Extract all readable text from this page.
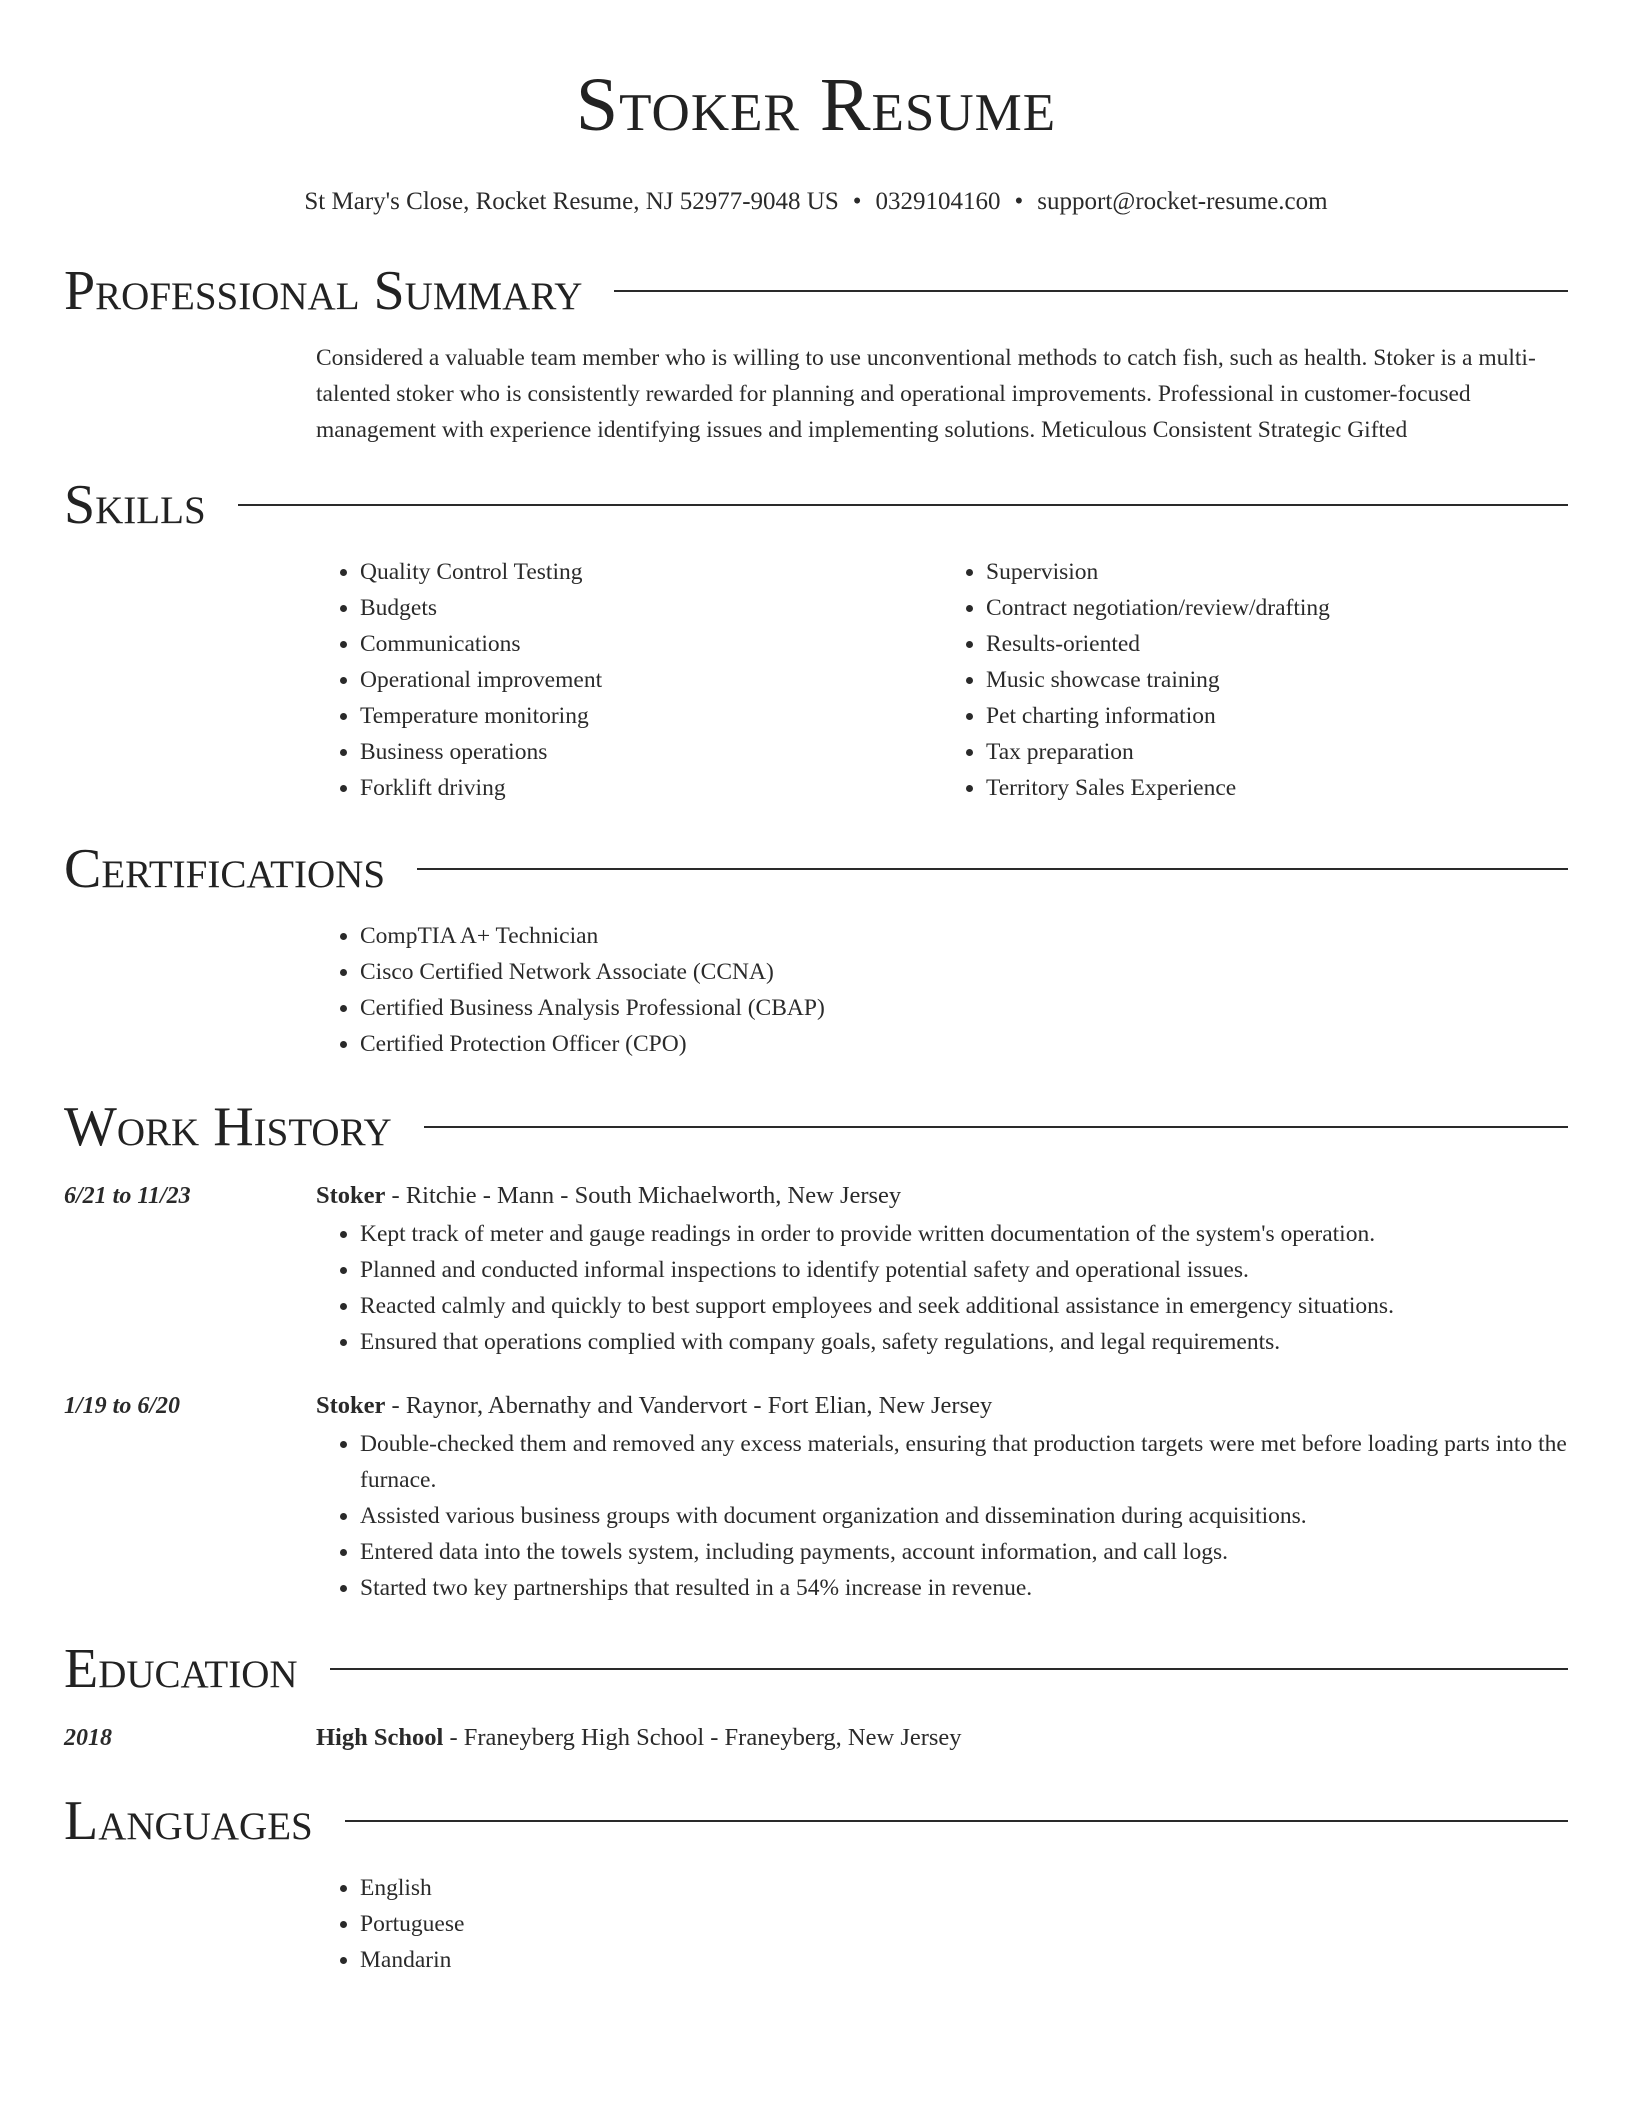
Stoker Resume
St Mary's Close, Rocket Resume, NJ 52977-9048 US • 0329104160 • support@rocket-resume.com
Professional Summary
Considered a valuable team member who is willing to use unconventional methods to catch fish, such as health. Stoker is a multi-talented stoker who is consistently rewarded for planning and operational improvements. Professional in customer-focused management with experience identifying issues and implementing solutions. Meticulous Consistent Strategic Gifted
Skills
• Quality Control Testing
• Budgets
• Communications
• Operational improvement
• Temperature monitoring
• Business operations
• Forklift driving
• Supervision
• Contract negotiation/review/drafting
• Results-oriented
• Music showcase training
• Pet charting information
• Tax preparation
• Territory Sales Experience
Certifications
• CompTIA A+ Technician
• Cisco Certified Network Associate (CCNA)
• Certified Business Analysis Professional (CBAP)
• Certified Protection Officer (CPO)
Work History
6/21 to 11/23	Stoker - Ritchie - Mann - South Michaelworth, New Jersey
• Kept track of meter and gauge readings in order to provide written documentation of the system's operation.
• Planned and conducted informal inspections to identify potential safety and operational issues.
• Reacted calmly and quickly to best support employees and seek additional assistance in emergency situations.
• Ensured that operations complied with company goals, safety regulations, and legal requirements.
1/19 to 6/20	Stoker - Raynor, Abernathy and Vandervort - Fort Elian, New Jersey
• Double-checked them and removed any excess materials, ensuring that production targets were met before loading parts into the furnace.
• Assisted various business groups with document organization and dissemination during acquisitions.
• Entered data into the towels system, including payments, account information, and call logs.
• Started two key partnerships that resulted in a 54% increase in revenue.
Education
2018	High School - Franeyberg High School - Franeyberg, New Jersey
Languages
• English
• Portuguese
• Mandarin
